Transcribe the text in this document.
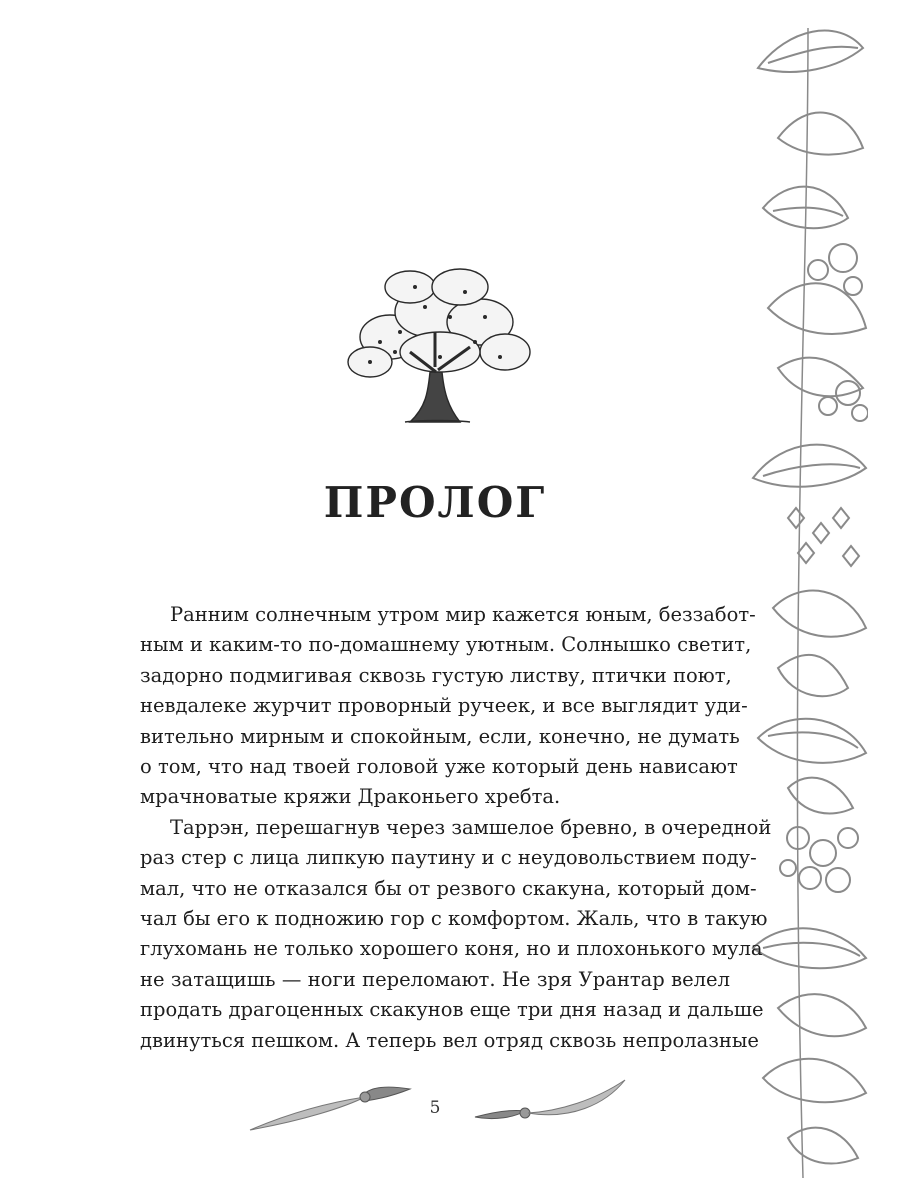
ПРОЛОГ

Ранним солнечным утром мир кажется юным, беззабот-
ным и каким-то по-домашнему уютным. Солнышко светит,
задорно подмигивая сквозь густую листву, птички поют,
невдалеке журчит проворный ручеек, и все выглядит уди-
вительно мирным и спокойным, если, конечно, не думать
о том, что над твоей головой уже который день нависают
мрачноватые кряжи Драконьего хребта.

Таррэн, перешагнув через замшелое бревно, в очередной
раз стер с лица липкую паутину и с неудовольствием поду-
мал, что не отказался бы от резвого скакуна, который дом-
чал бы его к подножию гор с комфортом. Жаль, что в такую
глухомань не только хорошего коня, но и плохонького мула
не затащишь — ноги переломают. Не зря Урантар велел
продать драгоценных скакунов еще три дня назад и дальше
двинуться пешком. А теперь вел отряд сквозь непролазные

5
